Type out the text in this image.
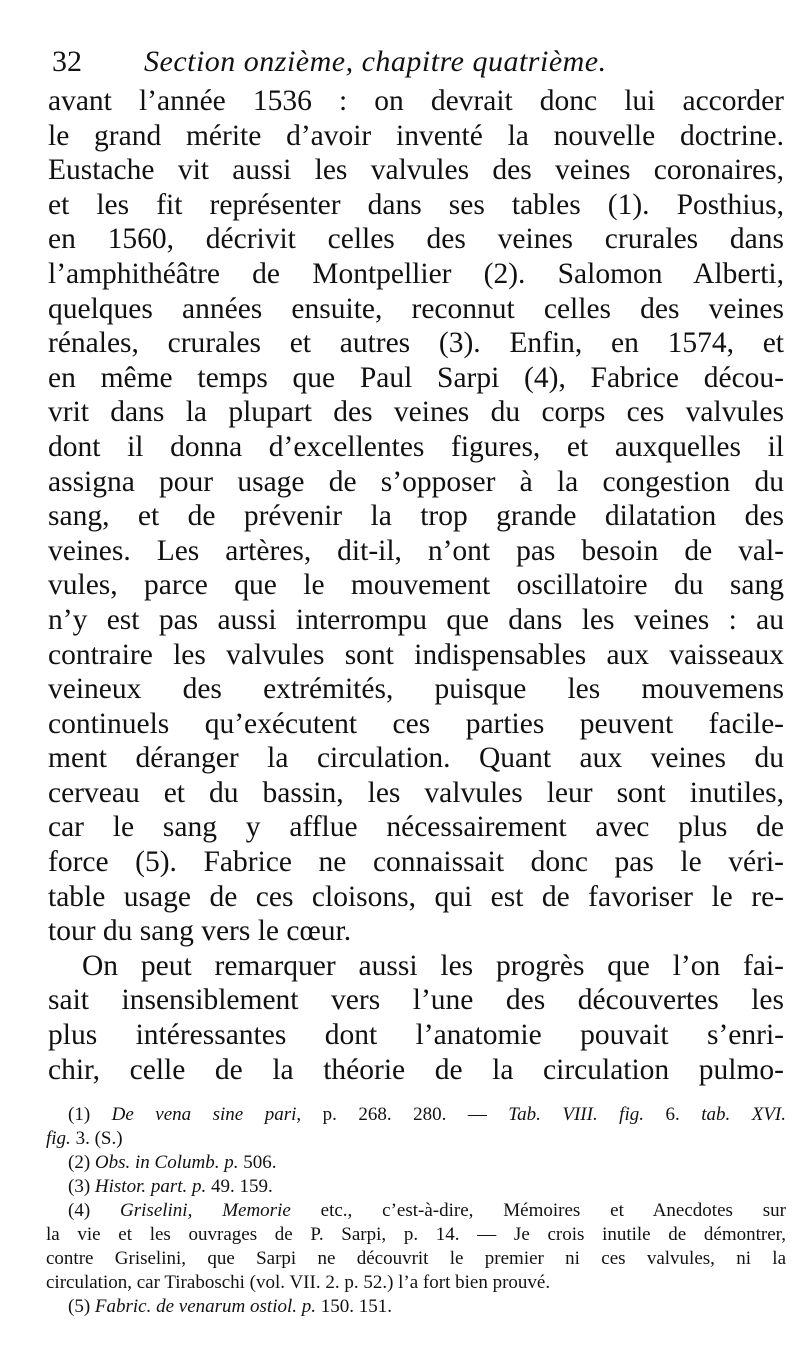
32 Section onzième, chapitre quatrième.
avant l’année 1536 : on devrait donc lui accorder
le grand mérite d’avoir inventé la nouvelle doctrine.
Eustache vit aussi les valvules des veines coronaires,
et les fit représenter dans ses tables (1). Posthius,
en 1560, décrivit celles des veines crurales dans
l’amphithéâtre de Montpellier (2). Salomon Alberti,
quelques années ensuite, reconnut celles des veines
rénales, crurales et autres (3). Enfin, en 1574, et
en même temps que Paul Sarpi (4), Fabrice décou-
vrit dans la plupart des veines du corps ces valvules
dont il donna d’excellentes figures, et auxquelles il
assigna pour usage de s’opposer à la congestion du
sang, et de prévenir la trop grande dilatation des
veines. Les artères, dit-il, n’ont pas besoin de val-
vules, parce que le mouvement oscillatoire du sang
n’y est pas aussi interrompu que dans les veines : au
contraire les valvules sont indispensables aux vaisseaux
veineux des extrémités, puisque les mouvemens
continuels qu’exécutent ces parties peuvent facile-
ment déranger la circulation. Quant aux veines du
cerveau et du bassin, les valvules leur sont inutiles,
car le sang y afflue nécessairement avec plus de
force (5). Fabrice ne connaissait donc pas le véri-
table usage de ces cloisons, qui est de favoriser le re-
tour du sang vers le cœur.
On peut remarquer aussi les progrès que l’on fai-
sait insensiblement vers l’une des découvertes les
plus intéressantes dont l’anatomie pouvait s’enri-
chir, celle de la théorie de la circulation pulmo-
(1) De vena sine pari, p. 268. 280. — Tab. VIII. fig. 6. tab. XVI.
fig. 3. (S.)
(2) Obs. in Columb. p. 506.
(3) Histor. part. p. 49. 159.
(4) Griselini, Memorie etc., c’est-à-dire, Mémoires et Anecdotes sur
la vie et les ouvrages de P. Sarpi, p. 14. — Je crois inutile de démontrer,
contre Griselini, que Sarpi ne découvrit le premier ni ces valvules, ni la
circulation, car Tiraboschi (vol. VII. 2. p. 52.) l’a fort bien prouvé.
(5) Fabric. de venarum ostiol. p. 150. 151.
